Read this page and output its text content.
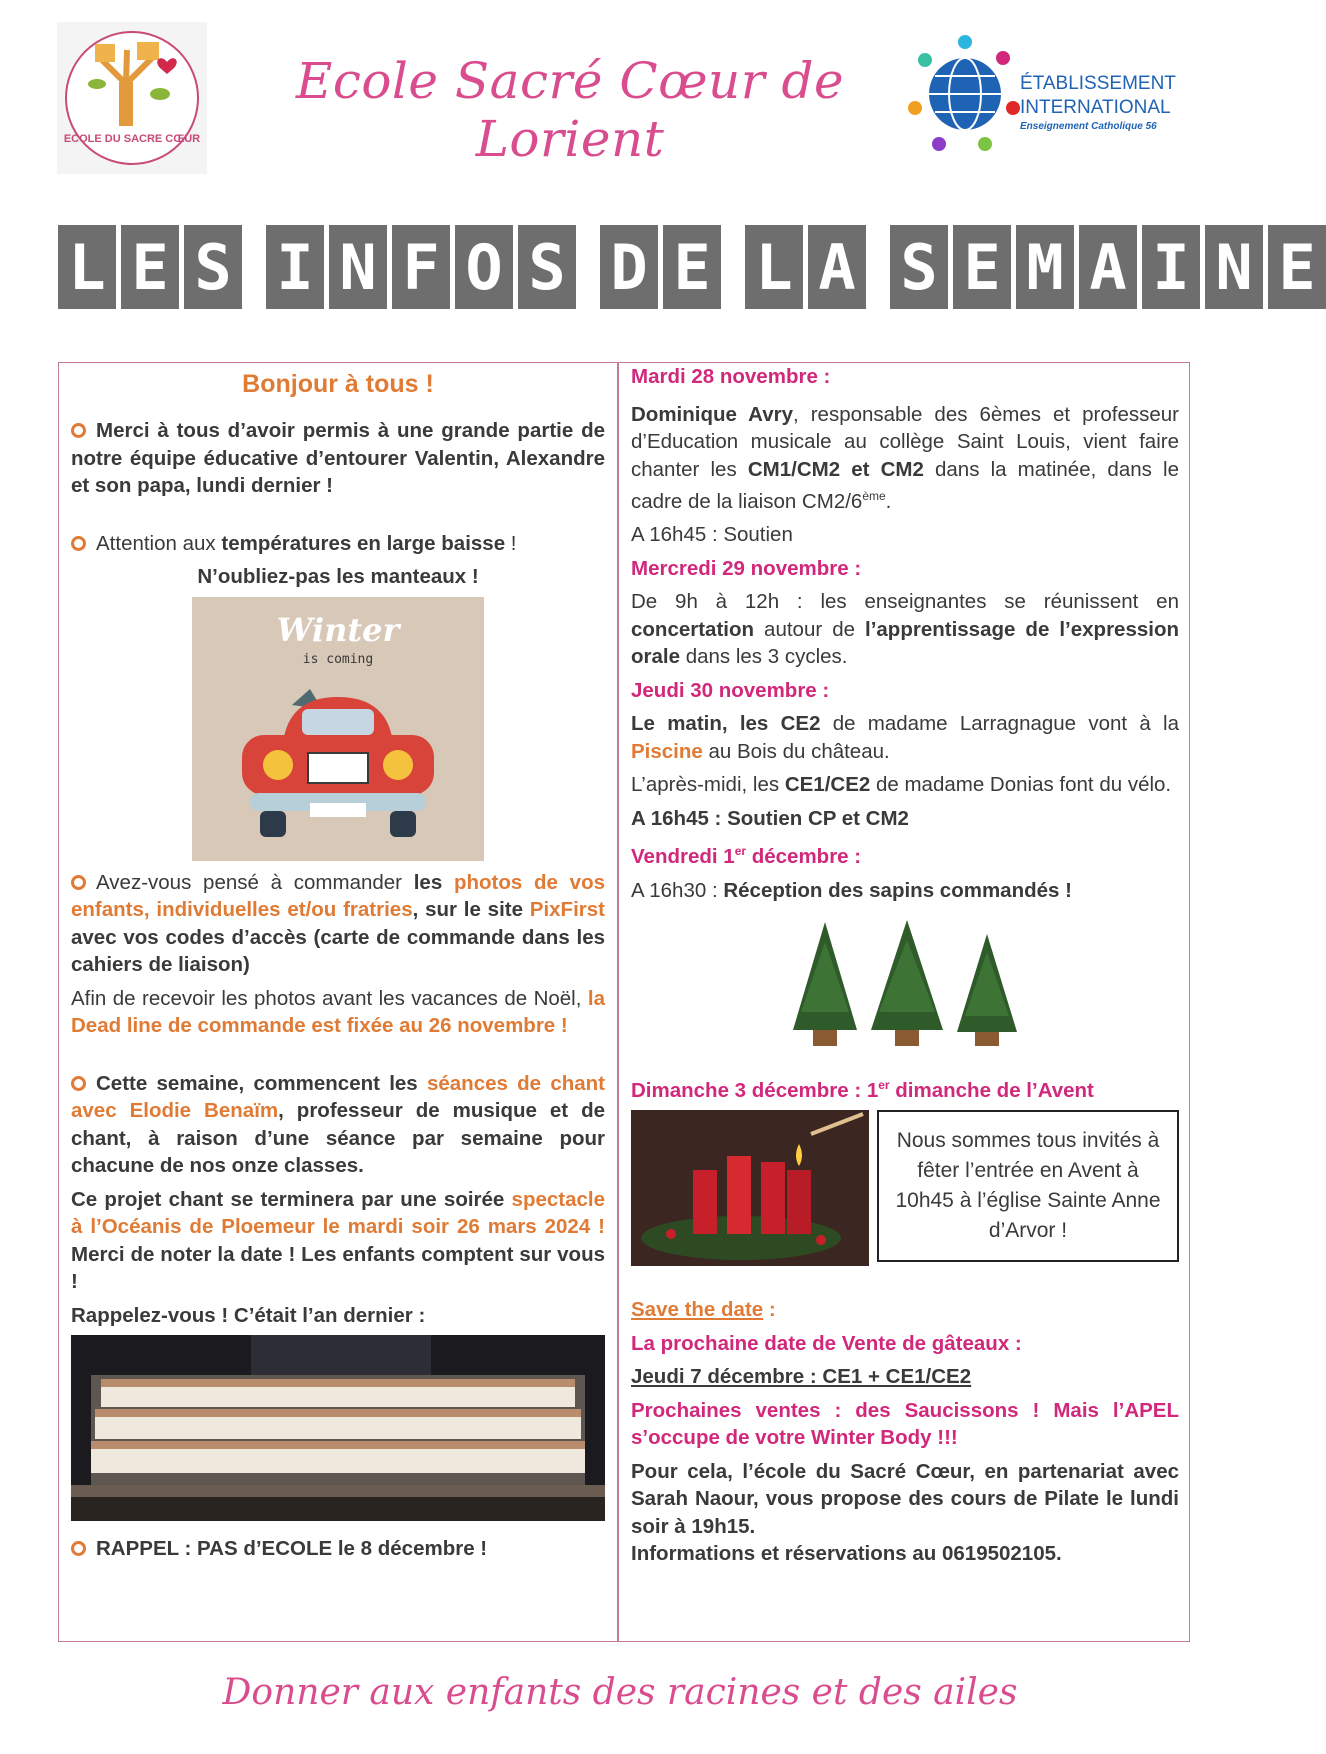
ECOLE DU SACRE CŒUR
Ecole Sacré Cœur de Lorient
ÉTABLISSEMENT
INTERNATIONAL
Enseignement Catholique 56
L E S I N F O S D E L A S E M A I N E
Bonjour à tous !

Merci à tous d’avoir permis à une grande partie de notre équipe éducative d’entourer Valentin, Alexandre et son papa, lundi dernier !

Attention aux températures en large baisse !

N’oubliez-pas les manteaux !

Winter
is coming

Avez-vous pensé à commander les photos de vos enfants, individuelles et/ou fratries, sur le site PixFirst avec vos codes d’accès (carte de commande dans les cahiers de liaison)

Afin de recevoir les photos avant les vacances de Noël, la Dead line de commande est fixée au 26 novembre !

Cette semaine, commencent les séances de chant avec Elodie Benaïm, professeur de musique et de chant, à raison d’une séance par semaine pour chacune de nos onze classes.

Ce projet chant se terminera par une soirée spectacle à l’Océanis de Ploemeur le mardi soir 26 mars 2024 ! Merci de noter la date ! Les enfants comptent sur vous !

Rappelez-vous ! C’était l’an dernier :

RAPPEL : PAS d’ECOLE le 8 décembre !

Mardi 28 novembre :

Dominique Avry, responsable des 6èmes et professeur d’Education musicale au collège Saint Louis, vient faire chanter les CM1/CM2 et CM2 dans la matinée, dans le cadre de la liaison CM2/6ème.

A 16h45 : Soutien

Mercredi 29 novembre :

De 9h à 12h : les enseignantes se réunissent en concertation autour de l’apprentissage de l’expression orale dans les 3 cycles.

Jeudi 30 novembre :

Le matin, les CE2 de madame Larragnague vont à la Piscine au Bois du château.

L’après-midi, les CE1/CE2 de madame Donias font du vélo.

A 16h45 : Soutien CP et CM2

Vendredi 1er décembre :

A 16h30 : Réception des sapins commandés !

Dimanche 3 décembre : 1er dimanche de l’Avent

Nous sommes tous invités à fêter l’entrée en Avent à 10h45 à l’église Sainte Anne d’Arvor !

Save the date :

La prochaine date de Vente de gâteaux :

Jeudi 7 décembre : CE1 + CE1/CE2

Prochaines ventes : des Saucissons ! Mais l’APEL s’occupe de votre Winter Body !!!

Pour cela, l’école du Sacré Cœur, en partenariat avec Sarah Naour, vous propose des cours de Pilate le lundi soir à 19h15.

Informations et réservations au 0619502105.

Donner aux enfants des racines et des ailes
